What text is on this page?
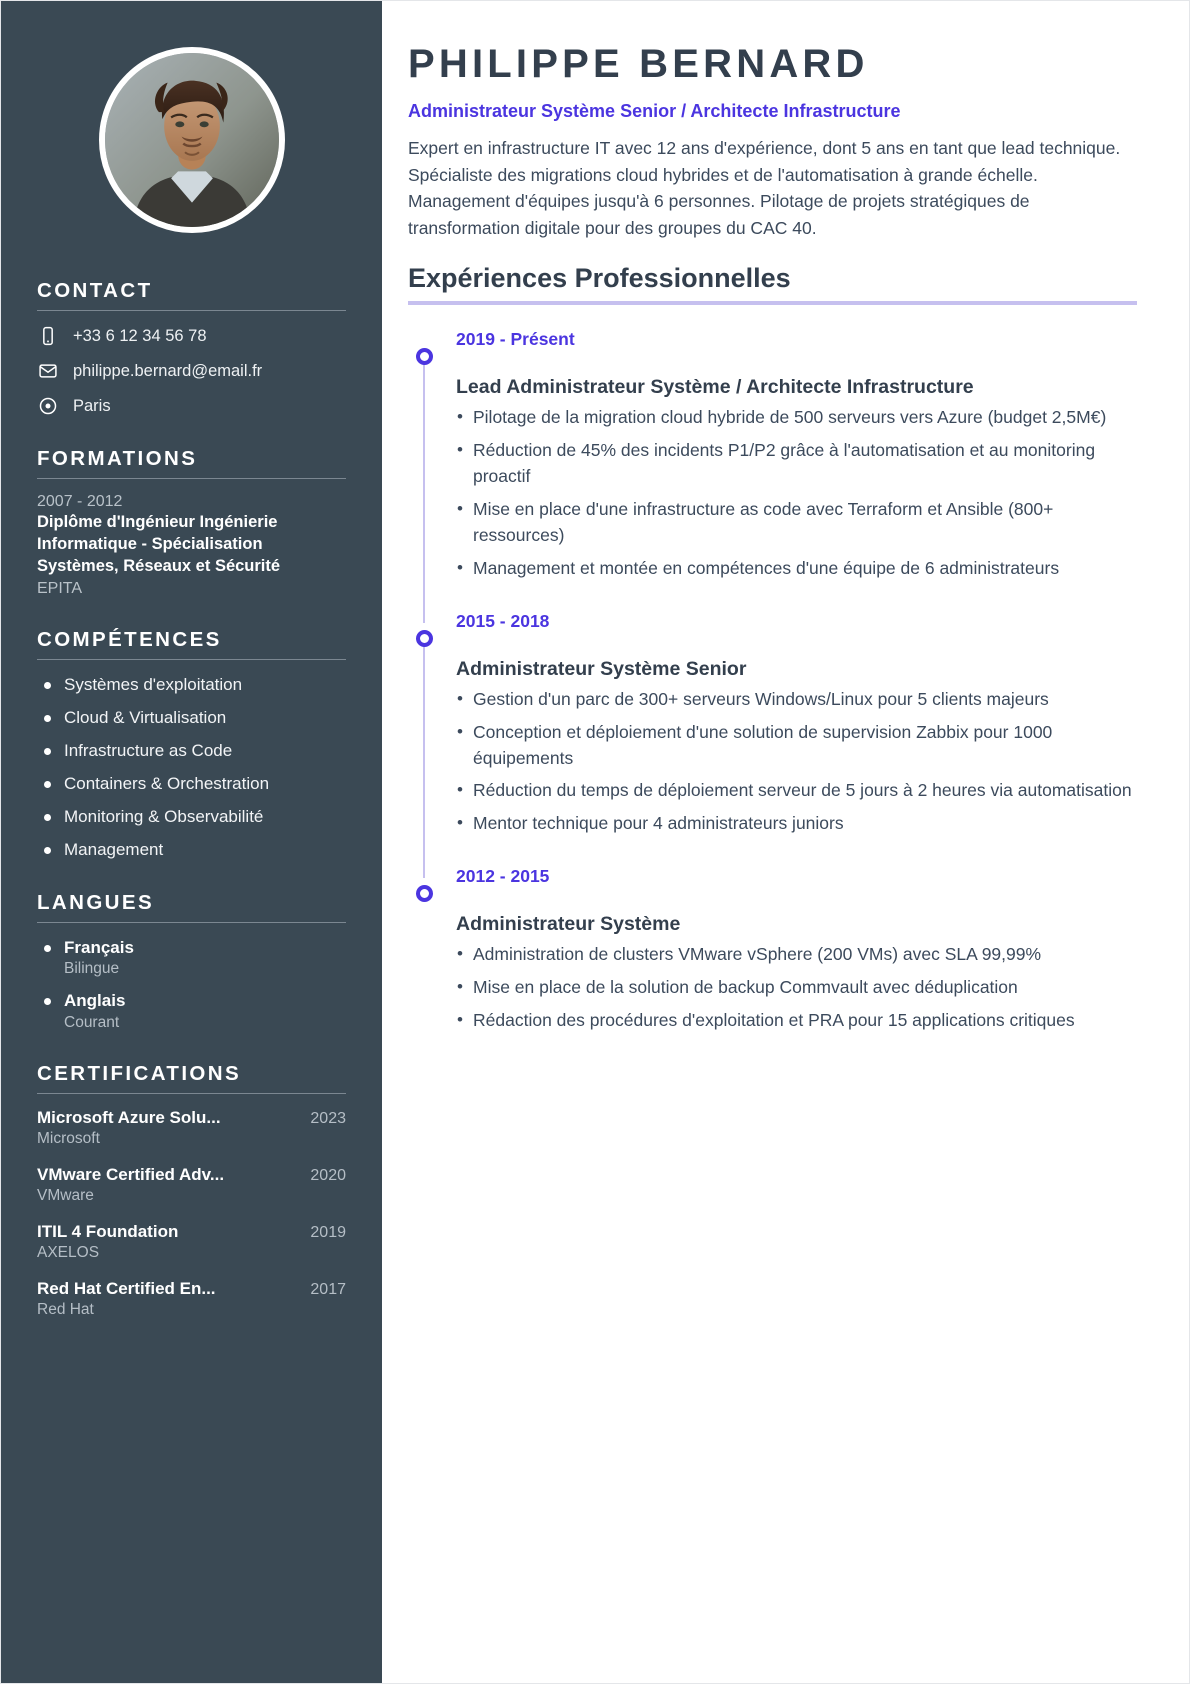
CONTACT
+33 6 12 34 56 78
philippe.bernard@email.fr
Paris
FORMATIONS
2007 - 2012
Diplôme d'Ingénieur Ingénierie Informatique - Spécialisation Systèmes, Réseaux et Sécurité
EPITA
COMPÉTENCES
Systèmes d'exploitation
Cloud & Virtualisation
Infrastructure as Code
Containers & Orchestration
Monitoring & Observabilité
Management
LANGUES
Français
Bilingue
Anglais
Courant
CERTIFICATIONS
Microsoft Azure Solu...	2023
Microsoft
VMware Certified Adv...	2020
VMware
ITIL 4 Foundation	2019
AXELOS
Red Hat Certified En...	2017
Red Hat
PHILIPPE BERNARD
Administrateur Système Senior / Architecte Infrastructure

Expert en infrastructure IT avec 12 ans d'expérience, dont 5 ans en tant que lead technique. Spécialiste des migrations cloud hybrides et de l'automatisation à grande échelle. Management d'équipes jusqu'à 6 personnes. Pilotage de projets stratégiques de transformation digitale pour des groupes du CAC 40.

Expériences Professionnelles
2019 - Présent
Lead Administrateur Système / Architecte Infrastructure
• Pilotage de la migration cloud hybride de 500 serveurs vers Azure (budget 2,5M€)
• Réduction de 45% des incidents P1/P2 grâce à l'automatisation et au monitoring proactif
• Mise en place d'une infrastructure as code avec Terraform et Ansible (800+ ressources)
• Management et montée en compétences d'une équipe de 6 administrateurs
2015 - 2018
Administrateur Système Senior
• Gestion d'un parc de 300+ serveurs Windows/Linux pour 5 clients majeurs
• Conception et déploiement d'une solution de supervision Zabbix pour 1000 équipements
• Réduction du temps de déploiement serveur de 5 jours à 2 heures via automatisation
• Mentor technique pour 4 administrateurs juniors
2012 - 2015
Administrateur Système
• Administration de clusters VMware vSphere (200 VMs) avec SLA 99,99%
• Mise en place de la solution de backup Commvault avec déduplication
• Rédaction des procédures d'exploitation et PRA pour 15 applications critiques
